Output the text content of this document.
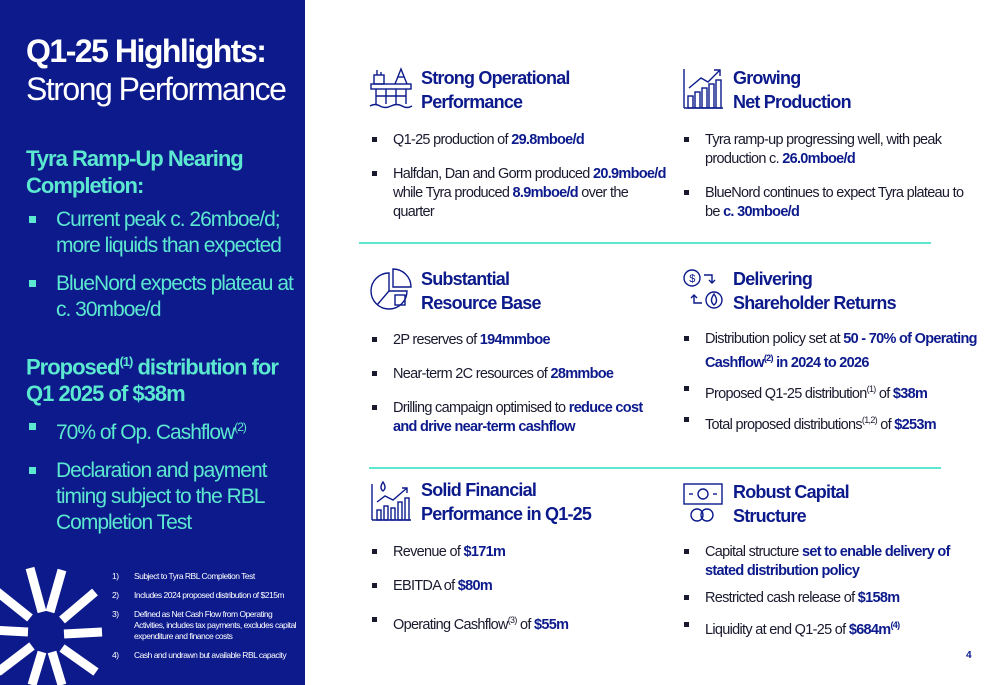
Q1-25 Highlights:
Strong Performance
Tyra Ramp-Up Nearing
Completion:
Current peak c. 26mboe/d; more liquids than expected
BlueNord expects plateau at c. 30mboe/d
Proposed$^{(1)}$ distribution for
Q1 2025 of $38m
70% of Op. Cashflow$^{(2)}$
Declaration and payment timing subject to the RBL Completion Test
1)	Subject to Tyra RBL Completion Test
2)	Includes 2024 proposed distribution of $215m
3)	Defined as Net Cash Flow from Operating Activities, includes tax payments, excludes capital expenditure and finance costs
4)	Cash and undrawn but available RBL capacity
Strong Operational
Performance
Q1-25 production of 29.8mboe/d
Halfdan, Dan and Gorm produced 20.9mboe/d while Tyra produced 8.9mboe/d over the quarter
Growing
Net Production
Tyra ramp-up progressing well, with peak production c. 26.0mboe/d
BlueNord continues to expect Tyra plateau to be c. 30mboe/d
Substantial
Resource Base
2P reserves of 194mmboe
Near-term 2C resources of 28mmboe
Drilling campaign optimised to reduce cost and drive near-term cashflow
$ Delivering
Shareholder Returns
Distribution policy set at 50 - 70% of Operating Cashflow$^{(2)}$ in 2024 to 2026
Proposed Q1-25 distribution$^{(1)}$ of $38m
Total proposed distributions$^{(1,2)}$ of $253m
Solid Financial
Performance in Q1-25
Revenue of $171m
EBITDA of $80m
Operating Cashflow$^{(3)}$ of $55m
Robust Capital
Structure
Capital structure set to enable delivery of stated distribution policy
Restricted cash release of $158m
Liquidity at end Q1-25 of $\$684m^{(4)}$
4
